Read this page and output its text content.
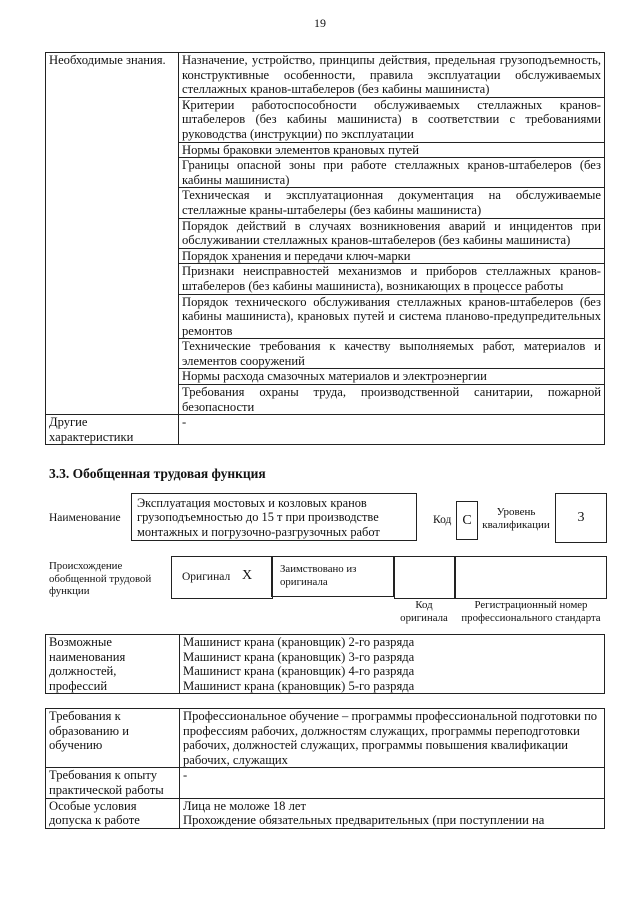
19
Необходимые знания.	Назначение, устройство, принципы действия, предельная грузоподъемность, конструктивные особенности, правила эксплуатации обслуживаемых стеллажных кранов-штабелеров (без кабины машиниста)
	Критерии работоспособности обслуживаемых стеллажных кранов-штабелеров (без кабины машиниста) в соответствии с требованиями руководства (инструкции) по эксплуатации
	Нормы браковки элементов крановых путей
	Границы опасной зоны при работе стеллажных кранов-штабелеров (без кабины машиниста)
	Техническая и эксплуатационная документация на обслуживаемые стеллажные краны-штабелеры (без кабины машиниста)
	Порядок действий в случаях возникновения аварий и инцидентов при обслуживании стеллажных кранов-штабелеров (без кабины машиниста)
	Порядок хранения и передачи ключ-марки
	Признаки неисправностей механизмов и приборов стеллажных кранов-штабелеров (без кабины машиниста), возникающих в процессе работы
	Порядок технического обслуживания стеллажных кранов-штабелеров (без кабины машиниста), крановых путей и система планово-предупредительных ремонтов
	Технические требования к качеству выполняемых работ, материалов и элементов сооружений
	Нормы расхода смазочных материалов и электроэнергии
	Требования охраны труда, производственной санитарии, пожарной безопасности
Другие характеристики	-
3.3. Обобщенная трудовая функция
Наименование
Эксплуатация мостовых и козловых кранов грузоподъемностью до 15 т при производстве монтажных и погрузочно-разгрузочных работ
Код C
Уровень квалификации	3
Происхождение обобщенной трудовой функции
Оригинал X	Заимствовано из оригинала
Код оригинала
Регистрационный номер профессионального стандарта
Возможные наименования должностей, профессий	
Машинист крана (крановщик) 2-го разряда
Машинист крана (крановщик) 3-го разряда
Машинист крана (крановщик) 4-го разряда
Машинист крана (крановщик) 5-го разряда
Требования к образованию и обучению	Профессиональное обучение – программы профессиональной подготовки по профессиям рабочих, должностям служащих, программы переподготовки рабочих, должностей служащих, программы повышения квалификации рабочих, служащих
Требования к опыту практической работы	-
Особые условия допуска к работе	Лица не моложе 18 лет
Прохождение обязательных предварительных (при поступлении на
